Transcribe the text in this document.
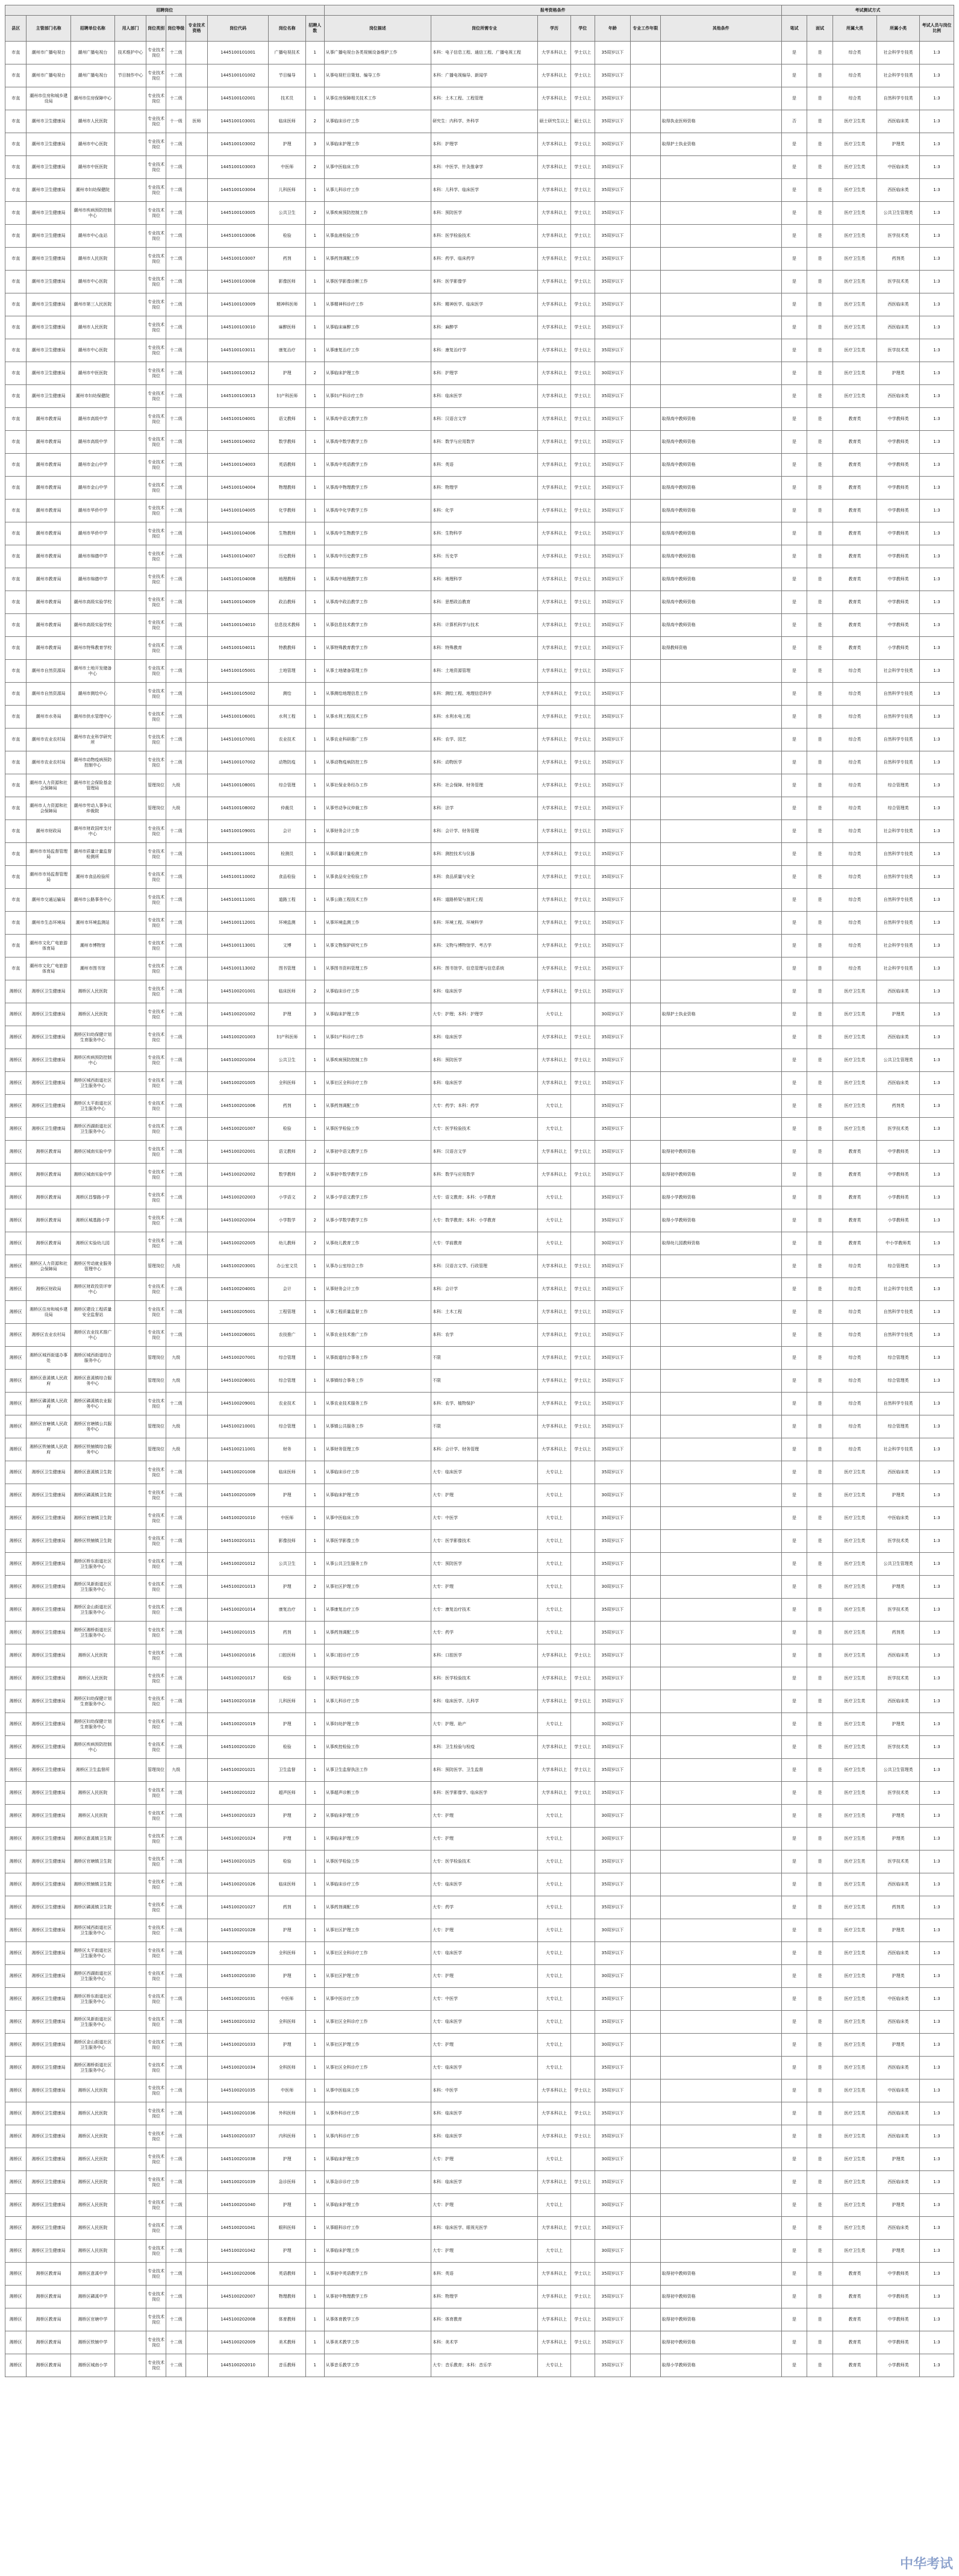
招聘岗位										报考资格条件							考试测试方式				
县区	主管部门名称	招聘单位名称	用人部门	岗位类别	岗位等级	专业技术资格	岗位代码	岗位名称	招聘人数	岗位描述	岗位所需专业	学历	学位	年龄	专业工作年限	其他条件	笔试	面试	所属大类	所属小类	考试人员与岗位比例
市直	潮州市广播电视台	潮州广播电视台	技术维护中心	专业技术岗位	十二级		1445100101001	广播电视技术	1	从事广播电视台各类视频设备维护工作	本科：电子信息工程、通信工程、广播电视工程	大学本科以上	学士以上	35周岁以下			是	是	综合类	社会科学专技类	1:3
市直	潮州市广播电视台	潮州广播电视台	节目制作中心	专业技术岗位	十二级		1445100101002	节目编导	1	从事电视栏目策划、编导工作	本科：广播电视编导、新闻学	大学本科以上	学士以上	35周岁以下			是	是	综合类	社会科学专技类	1:3
市直	潮州市住房和城乡建设局	潮州市住房保障中心		专业技术岗位	十二级		1445100102001	技术员	1	从事住房保障相关技术工作	本科：土木工程、工程管理	大学本科以上	学士以上	35周岁以下			是	是	综合类	自然科学专技类	1:3
市直	潮州市卫生健康局	潮州市人民医院		专业技术岗位	十一级	医师	1445100103001	临床医师	2	从事临床诊疗工作	研究生：内科学、外科学	硕士研究生以上	硕士以上	35周岁以下		取得执业医师资格	否	是	医疗卫生类	西医临床类	1:3
市直	潮州市卫生健康局	潮州市中心医院		专业技术岗位	十二级		1445100103002	护理	3	从事临床护理工作	本科：护理学	大学本科以上	学士以上	30周岁以下		取得护士执业资格	是	是	医疗卫生类	护理类	1:3
市直	潮州市卫生健康局	潮州市中医医院		专业技术岗位	十二级		1445100103003	中医师	2	从事中医临床工作	本科：中医学、针灸推拿学	大学本科以上	学士以上	35周岁以下			是	是	医疗卫生类	中医临床类	1:3
市直	潮州市卫生健康局	潮州市妇幼保健院		专业技术岗位	十二级		1445100103004	儿科医师	1	从事儿科诊疗工作	本科：儿科学、临床医学	大学本科以上	学士以上	35周岁以下			是	是	医疗卫生类	西医临床类	1:3
市直	潮州市卫生健康局	潮州市疾病预防控制中心		专业技术岗位	十二级		1445100103005	公共卫生	2	从事疾病预防控制工作	本科：预防医学	大学本科以上	学士以上	35周岁以下			是	是	医疗卫生类	公共卫生管理类	1:3
市直	潮州市卫生健康局	潮州市中心血站		专业技术岗位	十二级		1445100103006	检验	1	从事血液检验工作	本科：医学检验技术	大学本科以上	学士以上	35周岁以下			是	是	医疗卫生类	医学技术类	1:3
市直	潮州市卫生健康局	潮州市人民医院		专业技术岗位	十二级		1445100103007	药剂	1	从事药剂调配工作	本科：药学、临床药学	大学本科以上	学士以上	35周岁以下			是	是	医疗卫生类	药剂类	1:3
市直	潮州市卫生健康局	潮州市中心医院		专业技术岗位	十二级		1445100103008	影像医师	1	从事医学影像诊断工作	本科：医学影像学	大学本科以上	学士以上	35周岁以下			是	是	医疗卫生类	医学技术类	1:3
市直	潮州市卫生健康局	潮州市第三人民医院		专业技术岗位	十二级		1445100103009	精神科医师	1	从事精神科诊疗工作	本科：精神医学、临床医学	大学本科以上	学士以上	35周岁以下			是	是	医疗卫生类	西医临床类	1:3
市直	潮州市卫生健康局	潮州市人民医院		专业技术岗位	十二级		1445100103010	麻醉医师	1	从事临床麻醉工作	本科：麻醉学	大学本科以上	学士以上	35周岁以下			是	是	医疗卫生类	西医临床类	1:3
市直	潮州市卫生健康局	潮州市中心医院		专业技术岗位	十二级		1445100103011	康复治疗	1	从事康复治疗工作	本科：康复治疗学	大学本科以上	学士以上	35周岁以下			是	是	医疗卫生类	医学技术类	1:3
市直	潮州市卫生健康局	潮州市中医医院		专业技术岗位	十二级		1445100103012	护理	2	从事临床护理工作	本科：护理学	大学本科以上	学士以上	30周岁以下			是	是	医疗卫生类	护理类	1:3
市直	潮州市卫生健康局	潮州市妇幼保健院		专业技术岗位	十二级		1445100103013	妇产科医师	1	从事妇产科诊疗工作	本科：临床医学	大学本科以上	学士以上	35周岁以下			是	是	医疗卫生类	西医临床类	1:3
市直	潮州市教育局	潮州市高级中学		专业技术岗位	十二级		1445100104001	语文教师	1	从事高中语文教学工作	本科：汉语言文学	大学本科以上	学士以上	35周岁以下		取得高中教师资格	是	是	教育类	中学教师类	1:3
市直	潮州市教育局	潮州市高级中学		专业技术岗位	十二级		1445100104002	数学教师	1	从事高中数学教学工作	本科：数学与应用数学	大学本科以上	学士以上	35周岁以下		取得高中教师资格	是	是	教育类	中学教师类	1:3
市直	潮州市教育局	潮州市金山中学		专业技术岗位	十二级		1445100104003	英语教师	1	从事高中英语教学工作	本科：英语	大学本科以上	学士以上	35周岁以下		取得高中教师资格	是	是	教育类	中学教师类	1:3
市直	潮州市教育局	潮州市金山中学		专业技术岗位	十二级		1445100104004	物理教师	1	从事高中物理教学工作	本科：物理学	大学本科以上	学士以上	35周岁以下		取得高中教师资格	是	是	教育类	中学教师类	1:3
市直	潮州市教育局	潮州市华侨中学		专业技术岗位	十二级		1445100104005	化学教师	1	从事高中化学教学工作	本科：化学	大学本科以上	学士以上	35周岁以下		取得高中教师资格	是	是	教育类	中学教师类	1:3
市直	潮州市教育局	潮州市华侨中学		专业技术岗位	十二级		1445100104006	生物教师	1	从事高中生物教学工作	本科：生物科学	大学本科以上	学士以上	35周岁以下		取得高中教师资格	是	是	教育类	中学教师类	1:3
市直	潮州市教育局	潮州市绵德中学		专业技术岗位	十二级		1445100104007	历史教师	1	从事高中历史教学工作	本科：历史学	大学本科以上	学士以上	35周岁以下		取得高中教师资格	是	是	教育类	中学教师类	1:3
市直	潮州市教育局	潮州市绵德中学		专业技术岗位	十二级		1445100104008	地理教师	1	从事高中地理教学工作	本科：地理科学	大学本科以上	学士以上	35周岁以下		取得高中教师资格	是	是	教育类	中学教师类	1:3
市直	潮州市教育局	潮州市高级实验学校		专业技术岗位	十二级		1445100104009	政治教师	1	从事高中政治教学工作	本科：思想政治教育	大学本科以上	学士以上	35周岁以下		取得高中教师资格	是	是	教育类	中学教师类	1:3
市直	潮州市教育局	潮州市高级实验学校		专业技术岗位	十二级		1445100104010	信息技术教师	1	从事信息技术教学工作	本科：计算机科学与技术	大学本科以上	学士以上	35周岁以下		取得高中教师资格	是	是	教育类	中学教师类	1:3
市直	潮州市教育局	潮州市特殊教育学校		专业技术岗位	十二级		1445100104011	特教教师	1	从事特殊教育教学工作	本科：特殊教育	大学本科以上	学士以上	35周岁以下		取得教师资格	是	是	教育类	小学教师类	1:3
市直	潮州市自然资源局	潮州市土地开发储备中心		专业技术岗位	十二级		1445100105001	土地管理	1	从事土地储备管理工作	本科：土地资源管理	大学本科以上	学士以上	35周岁以下			是	是	综合类	社会科学专技类	1:3
市直	潮州市自然资源局	潮州市测绘中心		专业技术岗位	十二级		1445100105002	测绘	1	从事测绘地理信息工作	本科：测绘工程、地理信息科学	大学本科以上	学士以上	35周岁以下			是	是	综合类	自然科学专技类	1:3
市直	潮州市水务局	潮州市供水管理中心		专业技术岗位	十二级		1445100106001	水利工程	1	从事水利工程技术工作	本科：水利水电工程	大学本科以上	学士以上	35周岁以下			是	是	综合类	自然科学专技类	1:3
市直	潮州市农业农村局	潮州市农业科学研究所		专业技术岗位	十二级		1445100107001	农业技术	1	从事农业科研推广工作	本科：农学、园艺	大学本科以上	学士以上	35周岁以下			是	是	综合类	自然科学专技类	1:3
市直	潮州市农业农村局	潮州市动物疫病预防控制中心		专业技术岗位	十二级		1445100107002	动物防疫	1	从事动物疫病防控工作	本科：动物医学	大学本科以上	学士以上	35周岁以下			是	是	综合类	自然科学专技类	1:3
市直	潮州市人力资源和社会保障局	潮州市社会保险基金管理局		管理岗位	九级		1445100108001	综合管理	1	从事社保业务经办工作	本科：社会保障、财务管理	大学本科以上	学士以上	35周岁以下			是	是	综合类	综合管理类	1:3
市直	潮州市人力资源和社会保障局	潮州市劳动人事争议仲裁院		管理岗位	九级		1445100108002	仲裁员	1	从事劳动争议仲裁工作	本科：法学	大学本科以上	学士以上	35周岁以下			是	是	综合类	综合管理类	1:3
市直	潮州市财政局	潮州市财政国库支付中心		专业技术岗位	十二级		1445100109001	会计	1	从事财务会计工作	本科：会计学、财务管理	大学本科以上	学士以上	35周岁以下			是	是	综合类	社会科学专技类	1:3
市直	潮州市市场监督管理局	潮州市质量计量监督检测所		专业技术岗位	十二级		1445100110001	检测员	1	从事质量计量检测工作	本科：测控技术与仪器	大学本科以上	学士以上	35周岁以下			是	是	综合类	自然科学专技类	1:3
市直	潮州市市场监督管理局	潮州市食品检验所		专业技术岗位	十二级		1445100110002	食品检验	1	从事食品安全检验工作	本科：食品质量与安全	大学本科以上	学士以上	35周岁以下			是	是	综合类	自然科学专技类	1:3
市直	潮州市交通运输局	潮州市公路事务中心		专业技术岗位	十二级		1445100111001	道路工程	1	从事公路工程技术工作	本科：道路桥梁与渡河工程	大学本科以上	学士以上	35周岁以下			是	是	综合类	自然科学专技类	1:3
市直	潮州市生态环境局	潮州市环境监测站		专业技术岗位	十二级		1445100112001	环境监测	1	从事环境监测工作	本科：环境工程、环境科学	大学本科以上	学士以上	35周岁以下			是	是	综合类	自然科学专技类	1:3
市直	潮州市文化广电旅游体育局	潮州市博物馆		专业技术岗位	十二级		1445100113001	文博	1	从事文物保护研究工作	本科：文物与博物馆学、考古学	大学本科以上	学士以上	35周岁以下			是	是	综合类	社会科学专技类	1:3
市直	潮州市文化广电旅游体育局	潮州市图书馆		专业技术岗位	十二级		1445100113002	图书管理	1	从事图书资料管理工作	本科：图书馆学、信息管理与信息系统	大学本科以上	学士以上	35周岁以下			是	是	综合类	社会科学专技类	1:3
湘桥区	湘桥区卫生健康局	湘桥区人民医院		专业技术岗位	十二级		1445100201001	临床医师	2	从事临床诊疗工作	本科：临床医学	大学本科以上	学士以上	35周岁以下			是	是	医疗卫生类	西医临床类	1:3
湘桥区	湘桥区卫生健康局	湘桥区人民医院		专业技术岗位	十二级		1445100201002	护理	3	从事临床护理工作	大专：护理；本科：护理学	大专以上		30周岁以下		取得护士执业资格	是	是	医疗卫生类	护理类	1:3
湘桥区	湘桥区卫生健康局	湘桥区妇幼保健计划生育服务中心		专业技术岗位	十二级		1445100201003	妇产科医师	1	从事妇产科诊疗工作	本科：临床医学	大学本科以上	学士以上	35周岁以下			是	是	医疗卫生类	西医临床类	1:3
湘桥区	湘桥区卫生健康局	湘桥区疾病预防控制中心		专业技术岗位	十二级		1445100201004	公共卫生	1	从事疾病预防控制工作	本科：预防医学	大学本科以上	学士以上	35周岁以下			是	是	医疗卫生类	公共卫生管理类	1:3
湘桥区	湘桥区卫生健康局	湘桥区城西街道社区卫生服务中心		专业技术岗位	十二级		1445100201005	全科医师	1	从事社区全科诊疗工作	本科：临床医学	大学本科以上	学士以上	35周岁以下			是	是	医疗卫生类	西医临床类	1:3
湘桥区	湘桥区卫生健康局	湘桥区太平街道社区卫生服务中心		专业技术岗位	十二级		1445100201006	药剂	1	从事药剂调配工作	大专：药学；本科：药学	大专以上		35周岁以下			是	是	医疗卫生类	药剂类	1:3
湘桥区	湘桥区卫生健康局	湘桥区西湖街道社区卫生服务中心		专业技术岗位	十二级		1445100201007	检验	1	从事医学检验工作	大专：医学检验技术	大专以上		35周岁以下			是	是	医疗卫生类	医学技术类	1:3
湘桥区	湘桥区教育局	湘桥区城南实验中学		专业技术岗位	十二级		1445100202001	语文教师	2	从事初中语文教学工作	本科：汉语言文学	大学本科以上	学士以上	35周岁以下		取得初中教师资格	是	是	教育类	中学教师类	1:3
湘桥区	湘桥区教育局	湘桥区城南实验中学		专业技术岗位	十二级		1445100202002	数学教师	2	从事初中数学教学工作	本科：数学与应用数学	大学本科以上	学士以上	35周岁以下		取得初中教师资格	是	是	教育类	中学教师类	1:3
湘桥区	湘桥区教育局	湘桥区昌黎路小学		专业技术岗位	十二级		1445100202003	小学语文	2	从事小学语文教学工作	大专：语文教育；本科：小学教育	大专以上		35周岁以下		取得小学教师资格	是	是	教育类	小学教师类	1:3
湘桥区	湘桥区教育局	湘桥区城基路小学		专业技术岗位	十二级		1445100202004	小学数学	2	从事小学数学教学工作	大专：数学教育；本科：小学教育	大专以上		35周岁以下		取得小学教师资格	是	是	教育类	小学教师类	1:3
湘桥区	湘桥区教育局	湘桥区实验幼儿园		专业技术岗位	十二级		1445100202005	幼儿教师	2	从事幼儿教育工作	大专：学前教育	大专以上		30周岁以下		取得幼儿园教师资格	是	是	教育类	中小学教师类	1:3
湘桥区	湘桥区人力资源和社会保障局	湘桥区劳动就业服务管理中心		管理岗位	九级		1445100203001	办公室文员	1	从事办公室综合工作	本科：汉语言文学、行政管理	大学本科以上	学士以上	35周岁以下			是	是	综合类	综合管理类	1:3
湘桥区	湘桥区财政局	湘桥区财政投资评审中心		专业技术岗位	十二级		1445100204001	会计	1	从事财务会计工作	本科：会计学	大学本科以上	学士以上	35周岁以下			是	是	综合类	社会科学专技类	1:3
湘桥区	湘桥区住房和城乡建设局	湘桥区建设工程质量安全监督站		专业技术岗位	十二级		1445100205001	工程管理	1	从事工程质量监督工作	本科：土木工程	大学本科以上	学士以上	35周岁以下			是	是	综合类	自然科学专技类	1:3
湘桥区	湘桥区农业农村局	湘桥区农业技术推广中心		专业技术岗位	十二级		1445100206001	农技推广	1	从事农业技术推广工作	本科：农学	大学本科以上	学士以上	35周岁以下			是	是	综合类	自然科学专技类	1:3
湘桥区	湘桥区城西街道办事处	湘桥区城西街道综合服务中心		管理岗位	九级		1445100207001	综合管理	1	从事街道综合事务工作	不限	大学本科以上	学士以上	35周岁以下			是	是	综合类	综合管理类	1:3
湘桥区	湘桥区意溪镇人民政府	湘桥区意溪镇综合服务中心		管理岗位	九级		1445100208001	综合管理	1	从事镇综合事务工作	不限	大学本科以上	学士以上	35周岁以下			是	是	综合类	综合管理类	1:3
湘桥区	湘桥区磷溪镇人民政府	湘桥区磷溪镇农业服务中心		专业技术岗位	十二级		1445100209001	农业技术	1	从事农业技术服务工作	本科：农学、植物保护	大学本科以上	学士以上	35周岁以下			是	是	综合类	自然科学专技类	1:3
湘桥区	湘桥区官塘镇人民政府	湘桥区官塘镇公共服务中心		管理岗位	九级		1445100210001	综合管理	1	从事镇公共服务工作	不限	大学本科以上	学士以上	35周岁以下			是	是	综合类	综合管理类	1:3
湘桥区	湘桥区铁铺镇人民政府	湘桥区铁铺镇综合服务中心		管理岗位	九级		1445100211001	财务	1	从事财务管理工作	本科：会计学、财务管理	大学本科以上	学士以上	35周岁以下			是	是	综合类	社会科学专技类	1:3
湘桥区	湘桥区卫生健康局	湘桥区意溪镇卫生院		专业技术岗位	十二级		1445100201008	临床医师	1	从事临床诊疗工作	大专：临床医学	大专以上		35周岁以下			是	是	医疗卫生类	西医临床类	1:3
湘桥区	湘桥区卫生健康局	湘桥区磷溪镇卫生院		专业技术岗位	十二级		1445100201009	护理	1	从事临床护理工作	大专：护理	大专以上		30周岁以下			是	是	医疗卫生类	护理类	1:3
湘桥区	湘桥区卫生健康局	湘桥区官塘镇卫生院		专业技术岗位	十二级		1445100201010	中医师	1	从事中医临床工作	大专：中医学	大专以上		35周岁以下			是	是	医疗卫生类	中医临床类	1:3
湘桥区	湘桥区卫生健康局	湘桥区铁铺镇卫生院		专业技术岗位	十二级		1445100201011	影像技师	1	从事医学影像工作	大专：医学影像技术	大专以上		35周岁以下			是	是	医疗卫生类	医学技术类	1:3
湘桥区	湘桥区卫生健康局	湘桥区桥东街道社区卫生服务中心		专业技术岗位	十二级		1445100201012	公共卫生	1	从事公共卫生服务工作	大专：预防医学	大专以上		35周岁以下			是	是	医疗卫生类	公共卫生管理类	1:3
湘桥区	湘桥区卫生健康局	湘桥区凤新街道社区卫生服务中心		专业技术岗位	十二级		1445100201013	护理	2	从事社区护理工作	大专：护理	大专以上		30周岁以下			是	是	医疗卫生类	护理类	1:3
湘桥区	湘桥区卫生健康局	湘桥区金山街道社区卫生服务中心		专业技术岗位	十二级		1445100201014	康复治疗	1	从事康复治疗工作	大专：康复治疗技术	大专以上		35周岁以下			是	是	医疗卫生类	医学技术类	1:3
湘桥区	湘桥区卫生健康局	湘桥区湘桥街道社区卫生服务中心		专业技术岗位	十二级		1445100201015	药剂	1	从事药剂调配工作	大专：药学	大专以上		35周岁以下			是	是	医疗卫生类	药剂类	1:3
湘桥区	湘桥区卫生健康局	湘桥区人民医院		专业技术岗位	十二级		1445100201016	口腔医师	1	从事口腔诊疗工作	本科：口腔医学	大学本科以上	学士以上	35周岁以下			是	是	医疗卫生类	西医临床类	1:3
湘桥区	湘桥区卫生健康局	湘桥区人民医院		专业技术岗位	十二级		1445100201017	检验	1	从事医学检验工作	本科：医学检验技术	大学本科以上	学士以上	35周岁以下			是	是	医疗卫生类	医学技术类	1:3
湘桥区	湘桥区卫生健康局	湘桥区妇幼保健计划生育服务中心		专业技术岗位	十二级		1445100201018	儿科医师	1	从事儿科诊疗工作	本科：临床医学、儿科学	大学本科以上	学士以上	35周岁以下			是	是	医疗卫生类	西医临床类	1:3
湘桥区	湘桥区卫生健康局	湘桥区妇幼保健计划生育服务中心		专业技术岗位	十二级		1445100201019	护理	1	从事妇幼护理工作	大专：护理、助产	大专以上		30周岁以下			是	是	医疗卫生类	护理类	1:3
湘桥区	湘桥区卫生健康局	湘桥区疾病预防控制中心		专业技术岗位	十二级		1445100201020	检验	1	从事疾控检验工作	本科：卫生检验与检疫	大学本科以上	学士以上	35周岁以下			是	是	医疗卫生类	医学技术类	1:3
湘桥区	湘桥区卫生健康局	湘桥区卫生监督所		管理岗位	九级		1445100201021	卫生监督	1	从事卫生监督执法工作	本科：预防医学、卫生监督	大学本科以上	学士以上	35周岁以下			是	是	医疗卫生类	公共卫生管理类	1:3
湘桥区	湘桥区卫生健康局	湘桥区人民医院		专业技术岗位	十二级		1445100201022	超声医师	1	从事超声诊断工作	本科：医学影像学、临床医学	大学本科以上	学士以上	35周岁以下			是	是	医疗卫生类	医学技术类	1:3
湘桥区	湘桥区卫生健康局	湘桥区人民医院		专业技术岗位	十二级		1445100201023	护理	2	从事临床护理工作	大专：护理	大专以上		30周岁以下			是	是	医疗卫生类	护理类	1:3
湘桥区	湘桥区卫生健康局	湘桥区意溪镇卫生院		专业技术岗位	十二级		1445100201024	护理	1	从事临床护理工作	大专：护理	大专以上		30周岁以下			是	是	医疗卫生类	护理类	1:3
湘桥区	湘桥区卫生健康局	湘桥区官塘镇卫生院		专业技术岗位	十二级		1445100201025	检验	1	从事医学检验工作	大专：医学检验技术	大专以上		35周岁以下			是	是	医疗卫生类	医学技术类	1:3
湘桥区	湘桥区卫生健康局	湘桥区铁铺镇卫生院		专业技术岗位	十二级		1445100201026	临床医师	1	从事临床诊疗工作	大专：临床医学	大专以上		35周岁以下			是	是	医疗卫生类	西医临床类	1:3
湘桥区	湘桥区卫生健康局	湘桥区磷溪镇卫生院		专业技术岗位	十二级		1445100201027	药剂	1	从事药剂调配工作	大专：药学	大专以上		35周岁以下			是	是	医疗卫生类	药剂类	1:3
湘桥区	湘桥区卫生健康局	湘桥区城西街道社区卫生服务中心		专业技术岗位	十二级		1445100201028	护理	1	从事社区护理工作	大专：护理	大专以上		30周岁以下			是	是	医疗卫生类	护理类	1:3
湘桥区	湘桥区卫生健康局	湘桥区太平街道社区卫生服务中心		专业技术岗位	十二级		1445100201029	全科医师	1	从事社区全科诊疗工作	大专：临床医学	大专以上		35周岁以下			是	是	医疗卫生类	西医临床类	1:3
湘桥区	湘桥区卫生健康局	湘桥区西湖街道社区卫生服务中心		专业技术岗位	十二级		1445100201030	护理	1	从事社区护理工作	大专：护理	大专以上		30周岁以下			是	是	医疗卫生类	护理类	1:3
湘桥区	湘桥区卫生健康局	湘桥区桥东街道社区卫生服务中心		专业技术岗位	十二级		1445100201031	中医师	1	从事中医诊疗工作	大专：中医学	大专以上		35周岁以下			是	是	医疗卫生类	中医临床类	1:3
湘桥区	湘桥区卫生健康局	湘桥区凤新街道社区卫生服务中心		专业技术岗位	十二级		1445100201032	全科医师	1	从事社区全科诊疗工作	大专：临床医学	大专以上		35周岁以下			是	是	医疗卫生类	西医临床类	1:3
湘桥区	湘桥区卫生健康局	湘桥区金山街道社区卫生服务中心		专业技术岗位	十二级		1445100201033	护理	1	从事社区护理工作	大专：护理	大专以上		30周岁以下			是	是	医疗卫生类	护理类	1:3
湘桥区	湘桥区卫生健康局	湘桥区湘桥街道社区卫生服务中心		专业技术岗位	十二级		1445100201034	全科医师	1	从事社区全科诊疗工作	大专：临床医学	大专以上		35周岁以下			是	是	医疗卫生类	西医临床类	1:3
湘桥区	湘桥区卫生健康局	湘桥区人民医院		专业技术岗位	十二级		1445100201035	中医师	1	从事中医临床工作	本科：中医学	大学本科以上	学士以上	35周岁以下			是	是	医疗卫生类	中医临床类	1:3
湘桥区	湘桥区卫生健康局	湘桥区人民医院		专业技术岗位	十二级		1445100201036	外科医师	1	从事外科诊疗工作	本科：临床医学	大学本科以上	学士以上	35周岁以下			是	是	医疗卫生类	西医临床类	1:3
湘桥区	湘桥区卫生健康局	湘桥区人民医院		专业技术岗位	十二级		1445100201037	内科医师	1	从事内科诊疗工作	本科：临床医学	大学本科以上	学士以上	35周岁以下			是	是	医疗卫生类	西医临床类	1:3
湘桥区	湘桥区卫生健康局	湘桥区人民医院		专业技术岗位	十二级		1445100201038	护理	1	从事临床护理工作	大专：护理	大专以上		30周岁以下			是	是	医疗卫生类	护理类	1:3
湘桥区	湘桥区卫生健康局	湘桥区人民医院		专业技术岗位	十二级		1445100201039	急诊医师	1	从事急诊诊疗工作	本科：临床医学	大学本科以上	学士以上	35周岁以下			是	是	医疗卫生类	西医临床类	1:3
湘桥区	湘桥区卫生健康局	湘桥区人民医院		专业技术岗位	十二级		1445100201040	护理	1	从事临床护理工作	大专：护理	大专以上		30周岁以下			是	是	医疗卫生类	护理类	1:3
湘桥区	湘桥区卫生健康局	湘桥区人民医院		专业技术岗位	十二级		1445100201041	眼科医师	1	从事眼科诊疗工作	本科：临床医学、眼视光医学	大学本科以上	学士以上	35周岁以下			是	是	医疗卫生类	西医临床类	1:3
湘桥区	湘桥区卫生健康局	湘桥区人民医院		专业技术岗位	十二级		1445100201042	护理	1	从事临床护理工作	大专：护理	大专以上		30周岁以下			是	是	医疗卫生类	护理类	1:3
湘桥区	湘桥区教育局	湘桥区意溪中学		专业技术岗位	十二级		1445100202006	英语教师	1	从事初中英语教学工作	本科：英语	大学本科以上	学士以上	35周岁以下		取得初中教师资格	是	是	教育类	中学教师类	1:3
湘桥区	湘桥区教育局	湘桥区磷溪中学		专业技术岗位	十二级		1445100202007	物理教师	1	从事初中物理教学工作	本科：物理学	大学本科以上	学士以上	35周岁以下		取得初中教师资格	是	是	教育类	中学教师类	1:3
湘桥区	湘桥区教育局	湘桥区官塘中学		专业技术岗位	十二级		1445100202008	体育教师	1	从事体育教学工作	本科：体育教育	大学本科以上	学士以上	35周岁以下		取得初中教师资格	是	是	教育类	中学教师类	1:3
湘桥区	湘桥区教育局	湘桥区铁铺中学		专业技术岗位	十二级		1445100202009	美术教师	1	从事美术教学工作	本科：美术学	大学本科以上	学士以上	35周岁以下		取得初中教师资格	是	是	教育类	中学教师类	1:3
湘桥区	湘桥区教育局	湘桥区城南小学		专业技术岗位	十二级		1445100202010	音乐教师	1	从事音乐教学工作	大专：音乐教育；本科：音乐学	大专以上		35周岁以下		取得小学教师资格	是	是	教育类	小学教师类	1:3
中华考试
